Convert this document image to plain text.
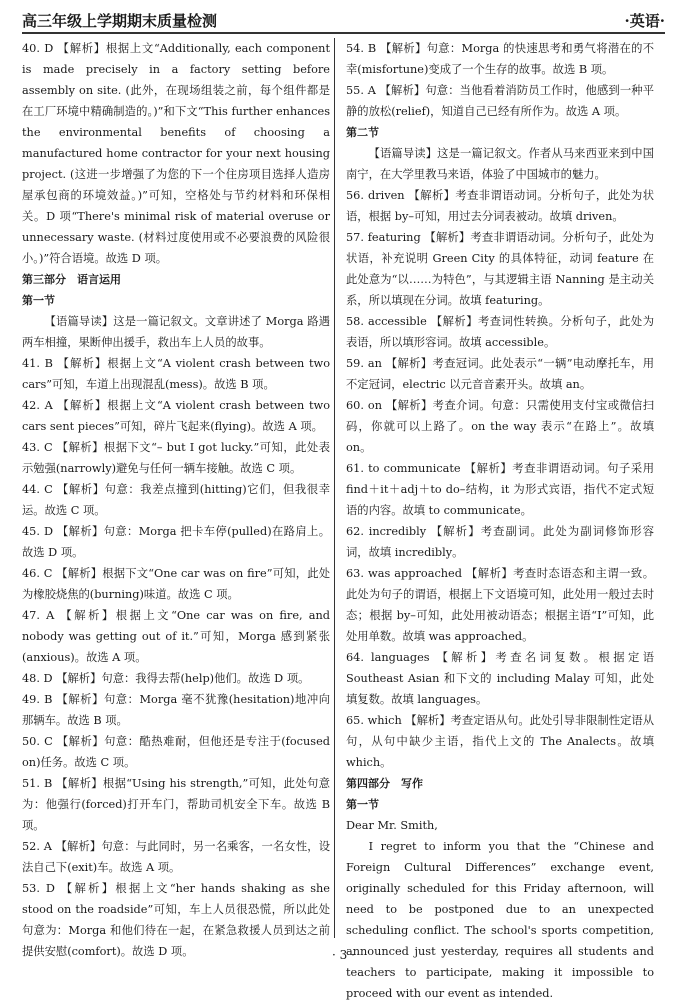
高三年级上学期期末质量检测	·英语·

40. D 【解析】根据上文“Additionally, each component is made precisely in a factory setting before assembly on site. (此外，在现场组装之前，每个组件都是在工厂环境中精确制造的。)”和下文“This further enhances the environmental benefits of choosing a manufactured home contractor for your next housing project. (这进一步增强了为您的下一个住房项目选择人造房屋承包商的环境效益。)”可知，空格处与节约材料和环保相关。D 项“There's minimal risk of material overuse or unnecessary waste. (材料过度使用或不必要浪费的风险很小。)”符合语境。故选 D 项。

第三部分　语言运用

第一节

【语篇导读】这是一篇记叙文。文章讲述了 Morga 路遇两车相撞，果断伸出援手，救出车上人员的故事。

41. B 【解析】根据上文“A violent crash between two cars”可知，车道上出现混乱(mess)。故选 B 项。

42. A 【解析】根据上文“A violent crash between two cars sent pieces”可知，碎片飞起来(flying)。故选 A 项。

43. C 【解析】根据下文“– but I got lucky.”可知，此处表示勉强(narrowly)避免与任何一辆车接触。故选 C 项。

44. C 【解析】句意：我差点撞到(hitting)它们，但我很幸运。故选 C 项。

45. D 【解析】句意：Morga 把卡车停(pulled)在路肩上。故选 D 项。

46. C 【解析】根据下文“One car was on fire”可知，此处为橡胶烧焦的(burning)味道。故选 C 项。

47. A 【解析】根据上文“One car was on fire, and nobody was getting out of it.”可知，Morga 感到紧张(anxious)。故选 A 项。

48. D 【解析】句意：我得去帮(help)他们。故选 D 项。

49. B 【解析】句意：Morga 毫不犹豫(hesitation)地冲向那辆车。故选 B 项。

50. C 【解析】句意：酷热难耐，但他还是专注于(focused on)任务。故选 C 项。

51. B 【解析】根据“Using his strength,”可知，此处句意为：他强行(forced)打开车门，帮助司机安全下车。故选 B 项。

52. A 【解析】句意：与此同时，另一名乘客，一名女性，设法自己下(exit)车。故选 A 项。

53. D 【解析】根据上文“her hands shaking as she stood on the roadside”可知，车上人员很恐慌，所以此处句意为：Morga 和他们待在一起，在紧急救援人员到达之前提供安慰(comfort)。故选 D 项。

54. B 【解析】句意：Morga 的快速思考和勇气将潜在的不幸(misfortune)变成了一个生存的故事。故选 B 项。

55. A 【解析】句意：当他看着消防员工作时，他感到一种平静的放松(relief)，知道自己已经有所作为。故选 A 项。

第二节

【语篇导读】这是一篇记叙文。作者从马来西亚来到中国南宁，在大学里教马来语，体验了中国城市的魅力。

56. driven 【解析】考查非谓语动词。分析句子，此处为状语，根据 by–可知，用过去分词表被动。故填 driven。

57. featuring 【解析】考查非谓语动词。分析句子，此处为状语，补充说明 Green City 的具体特征，动词 feature 在此处意为“以……为特色”，与其逻辑主语 Nanning 是主动关系，所以填现在分词。故填 featuring。

58. accessible 【解析】考查词性转换。分析句子，此处为表语，所以填形容词。故填 accessible。

59. an 【解析】考查冠词。此处表示“一辆”电动摩托车，用不定冠词，electric 以元音音素开头。故填 an。

60. on 【解析】考查介词。句意：只需使用支付宝或微信扫码，你就可以上路了。on the way 表示“在路上”。故填 on。

61. to communicate 【解析】考查非谓语动词。句子采用 find＋it＋adj＋to do–结构，it 为形式宾语，指代不定式短语的内容。故填 to communicate。

62. incredibly 【解析】考查副词。此处为副词修饰形容词，故填 incredibly。

63. was approached 【解析】考查时态语态和主谓一致。此处为句子的谓语，根据上下文语境可知，此处用一般过去时态；根据 by–可知，此处用被动语态；根据主语“I”可知，此处用单数。故填 was approached。

64. languages 【解析】考查名词复数。根据定语 Southeast Asian 和下文的 including Malay 可知，此处填复数。故填 languages。

65. which 【解析】考查定语从句。此处引导非限制性定语从句，从句中缺少主语，指代上文的 The Analects。故填 which。

第四部分　写作

第一节

Dear Mr. Smith,

I regret to inform you that the “Chinese and Foreign Cultural Differences” exchange event, originally scheduled for this Friday afternoon, will need to be postponed due to an unexpected scheduling conflict. The school's sports competition, announced just yesterday, requires all students and teachers to participate, making it impossible to proceed with our event as intended.

· 3 ·
